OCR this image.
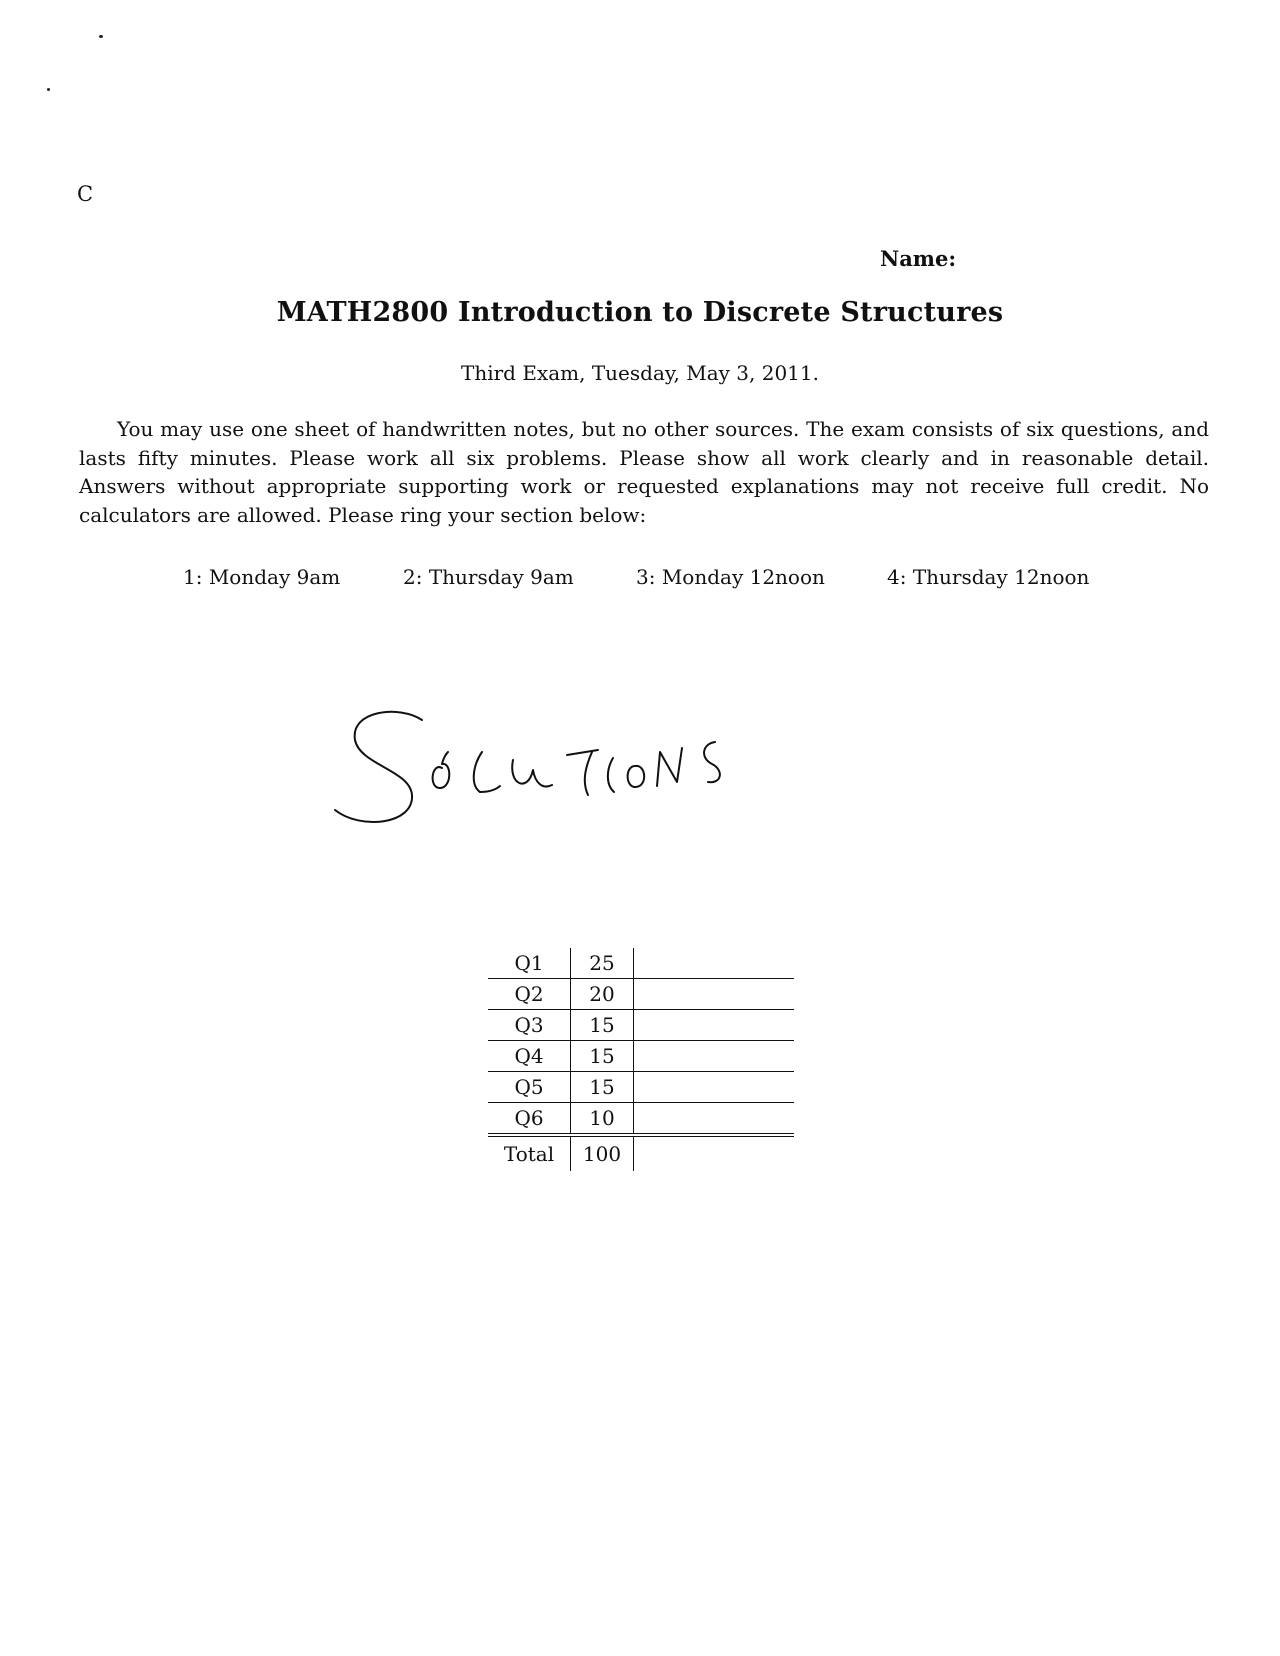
C
Name:
MATH2800 Introduction to Discrete Structures
Third Exam, Tuesday, May 3, 2011.
You may use one sheet of handwritten notes, but no other sources. The exam consists of six questions, and lasts fifty minutes. Please work all six problems. Please show all work clearly and in reasonable detail. Answers without appropriate supporting work or requested explanations may not receive full credit. No calculators are allowed. Please ring your section below:
1: Monday 9am	2: Thursday 9am	3: Monday 12noon	4: Thursday 12noon
Q1	25	
Q2	20	
Q3	15	
Q4	15	
Q5	15	
Q6	10	
Total	100	
